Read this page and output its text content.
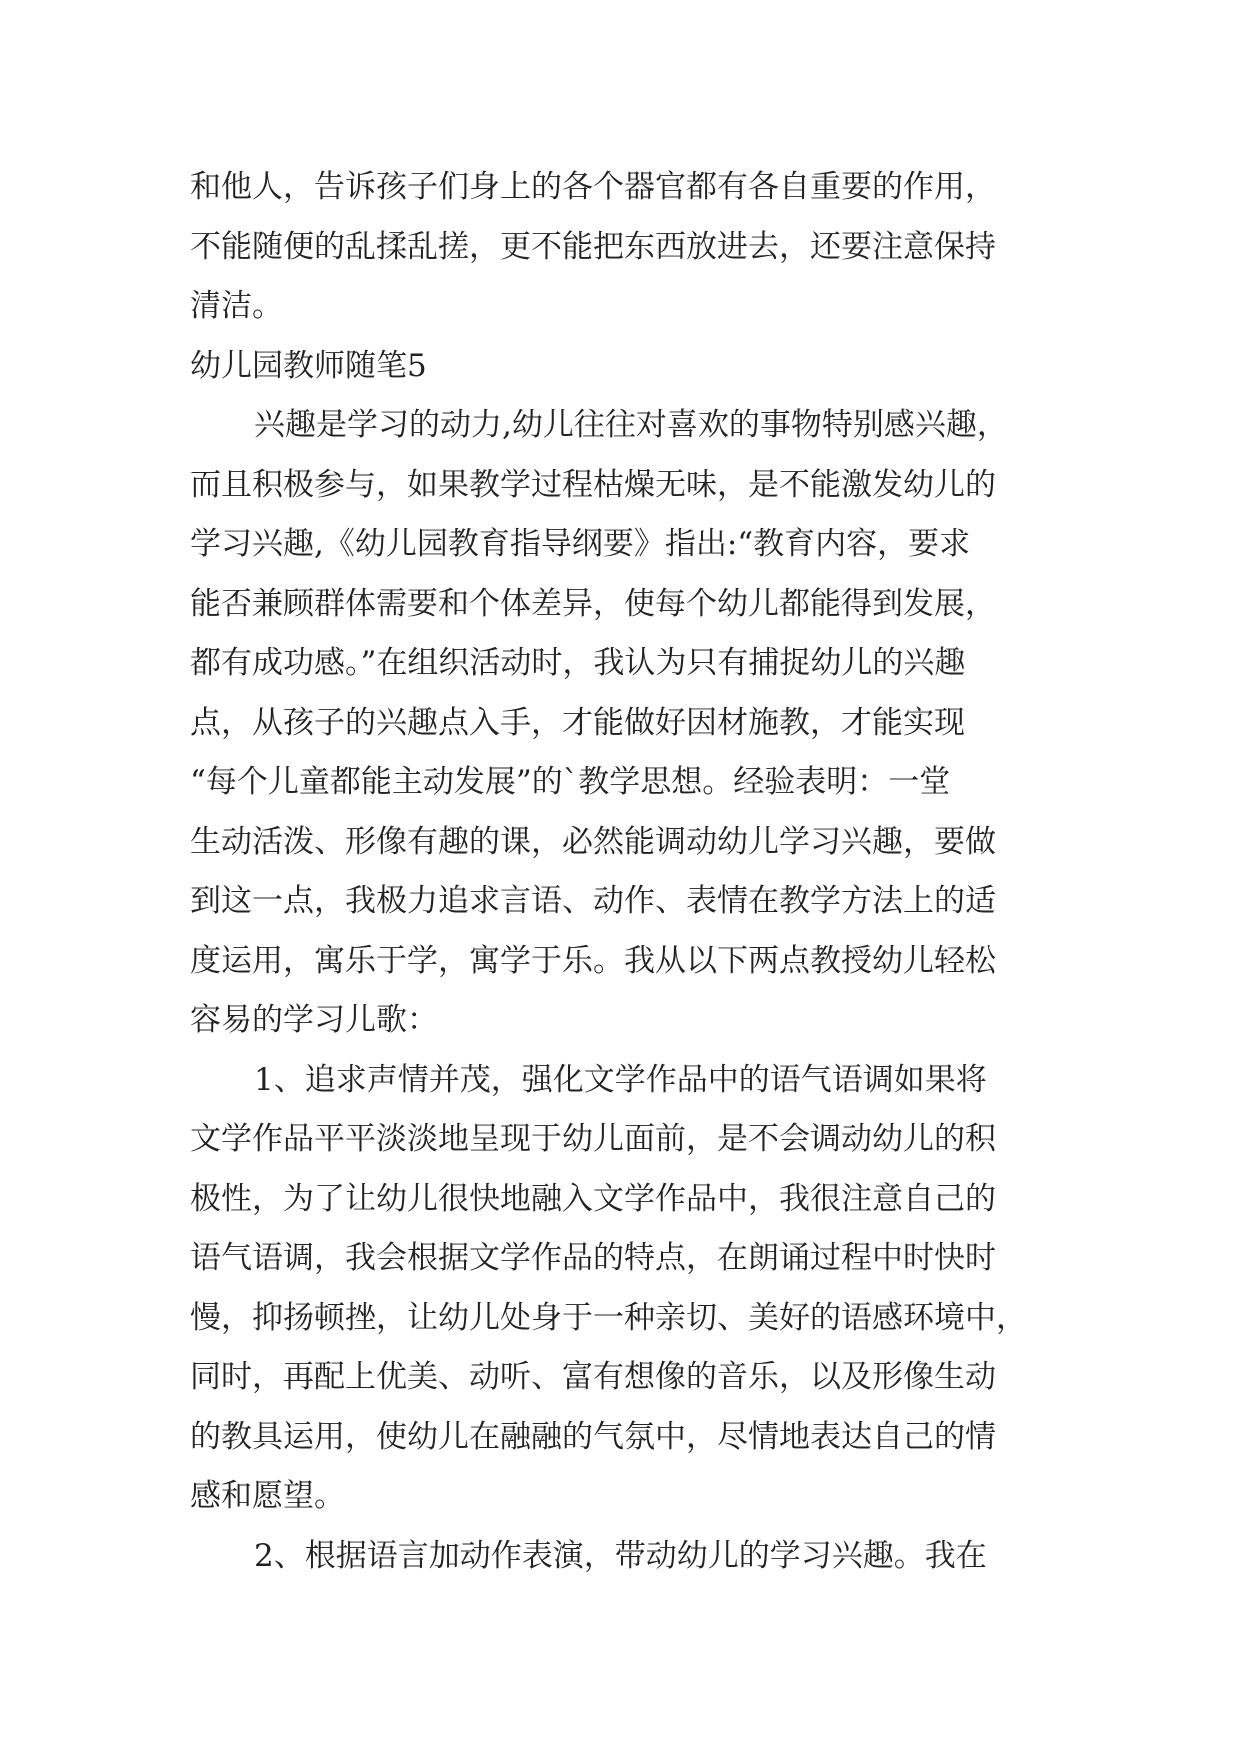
和他人，告诉孩子们身上的各个器官都有各自重要的作用，
不能随便的乱揉乱搓，更不能把东西放进去，还要注意保持
清洁。
幼儿园教师随笔5
兴趣是学习的动力,幼儿往往对喜欢的事物特别感兴趣，
而且积极参与，如果教学过程枯燥无味，是不能激发幼儿的
学习兴趣,《幼儿园教育指导纲要》指出:“教育内容，要求
能否兼顾群体需要和个体差异，使每个幼儿都能得到发展，
都有成功感。”在组织活动时，我认为只有捕捉幼儿的兴趣
点，从孩子的兴趣点入手，才能做好因材施教，才能实现
“每个儿童都能主动发展”的`教学思想。经验表明：一堂
生动活泼、形像有趣的课，必然能调动幼儿学习兴趣，要做
到这一点，我极力追求言语、动作、表情在教学方法上的适
度运用，寓乐于学，寓学于乐。我从以下两点教授幼儿轻松
容易的学习儿歌：
1、追求声情并茂，强化文学作品中的语气语调如果将
文学作品平平淡淡地呈现于幼儿面前，是不会调动幼儿的积
极性，为了让幼儿很快地融入文学作品中，我很注意自己的
语气语调，我会根据文学作品的特点，在朗诵过程中时快时
慢，抑扬顿挫，让幼儿处身于一种亲切、美好的语感环境中，
同时，再配上优美、动听、富有想像的音乐，以及形像生动
的教具运用，使幼儿在融融的气氛中，尽情地表达自己的情
感和愿望。
2、根据语言加动作表演，带动幼儿的学习兴趣。我在
